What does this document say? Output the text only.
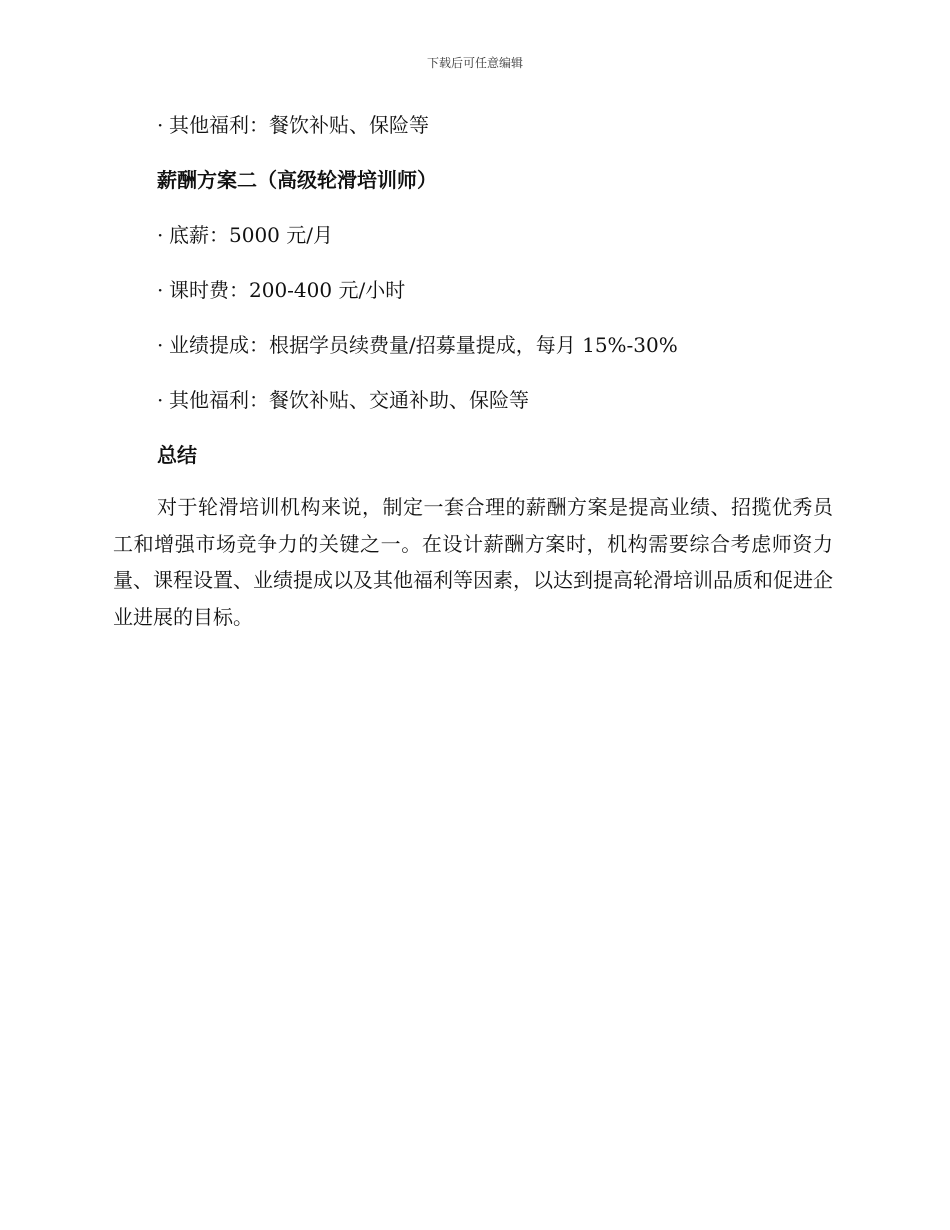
下载后可任意编辑
· 其他福利：餐饮补贴、保险等
薪酬方案二（高级轮滑培训师）
· 底薪：5000 元/月
· 课时费：200-400 元/小时
· 业绩提成：根据学员续费量/招募量提成，每月 15%-30%
· 其他福利：餐饮补贴、交通补助、保险等
总结
对于轮滑培训机构来说，制定一套合理的薪酬方案是提高业绩、招揽优秀员工和增强市场竞争力的关键之一。在设计薪酬方案时，机构需要综合考虑师资力量、课程设置、业绩提成以及其他福利等因素，以达到提高轮滑培训品质和促进企业进展的目标。
